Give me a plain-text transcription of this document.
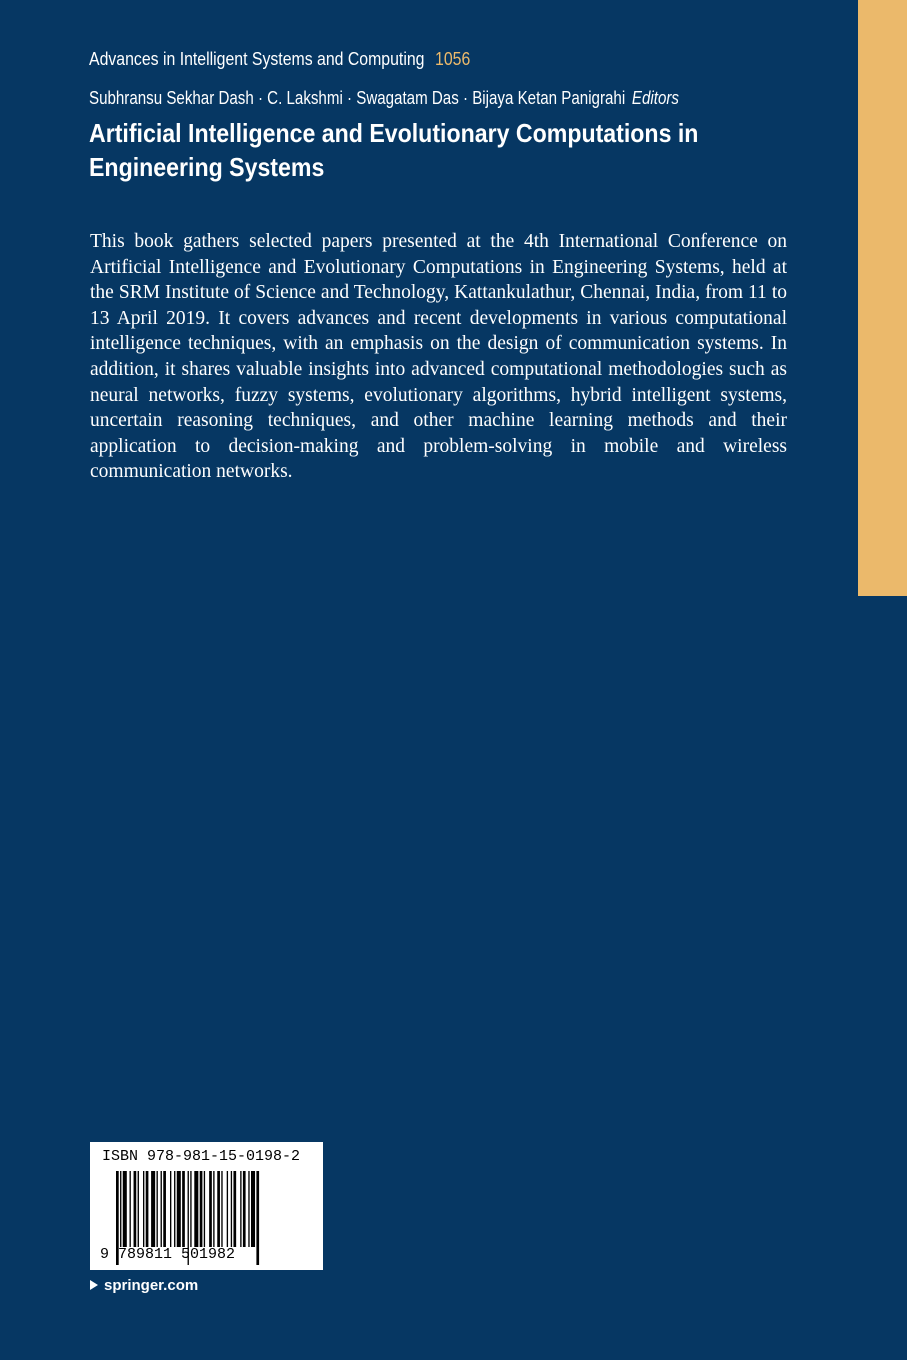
Advances in Intelligent Systems and Computing 1056
Subhransu Sekhar Dash · C. Lakshmi · Swagatam Das · Bijaya Ketan Panigrahi Editors
Artificial Intelligence and Evolutionary Computations in
Engineering Systems
This book gathers selected papers presented at the 4th International Conference on Artificial Intelligence and Evolutionary Computations in Engineering Systems, held at the SRM Institute of Science and Technology, Kattankulathur, Chennai, India, from 11 to 13 April 2019. It covers advances and recent developments in various computational intelligence techniques, with an emphasis on the design of communication systems. In addition, it shares valuable insights into advanced computational methodologies such as neural networks, fuzzy systems, evolutionary algorithms, hybrid intelligent systems, uncertain reasoning techniques, and other machine learning methods and their application to decision-making and problem-solving in mobile and wireless communication networks.
ISBN 978-981-15-0198-2
9 789811 501982
springer.com
